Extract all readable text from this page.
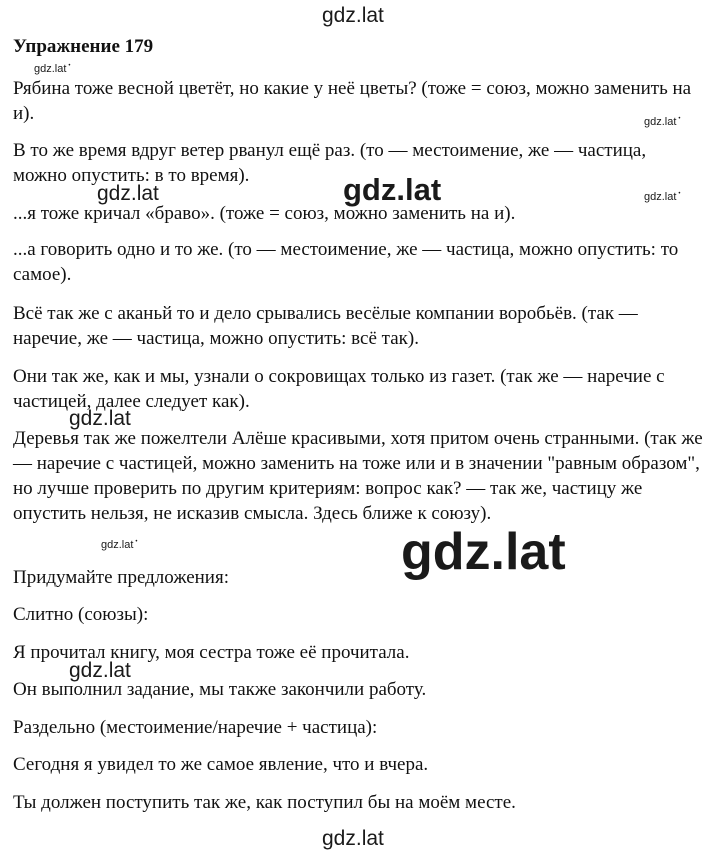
gdz.lat
gdz.lat •
gdz.lat •
gdz.lat	gdz.lat	gdz.lat •
gdz.lat
gdz.lat •	gdz.lat
gdz.lat
gdz.lat
Упражнение 179

Рябина тоже весной цветёт, но какие у неё цветы? (тоже = союз, можно заменить на и).

В то же время вдруг ветер рванул ещё раз. (то — местоимение, же — частица, можно опустить: в то время).

...я тоже кричал «браво». (тоже = союз, можно заменить на и).

...а говорить одно и то же. (то — местоимение, же — частица, можно опустить: то самое).

Всё так же с аканьй то и дело срывались весёлые компании воробьёв. (так — наречие, же — частица, можно опустить: всё так).

Они так же, как и мы, узнали о сокровищах только из газет. (так же — наречие с частицей, далее следует как).

Деревья так же пожелтели Алёше красивыми, хотя притом очень странными. (так же — наречие с частицей, можно заменить на тоже или и в значении "равным образом", но лучше проверить по другим критериям: вопрос как? — так же, частицу же опустить нельзя, не исказив смысла. Здесь ближе к союзу).

Придумайте предложения:

Слитно (союзы):

Я прочитал книгу, моя сестра тоже её прочитала.

Он выполнил задание, мы также закончили работу.

Раздельно (местоимение/наречие + частица):

Сегодня я увидел то же самое явление, что и вчера.

Ты должен поступить так же, как поступил бы на моём месте.
